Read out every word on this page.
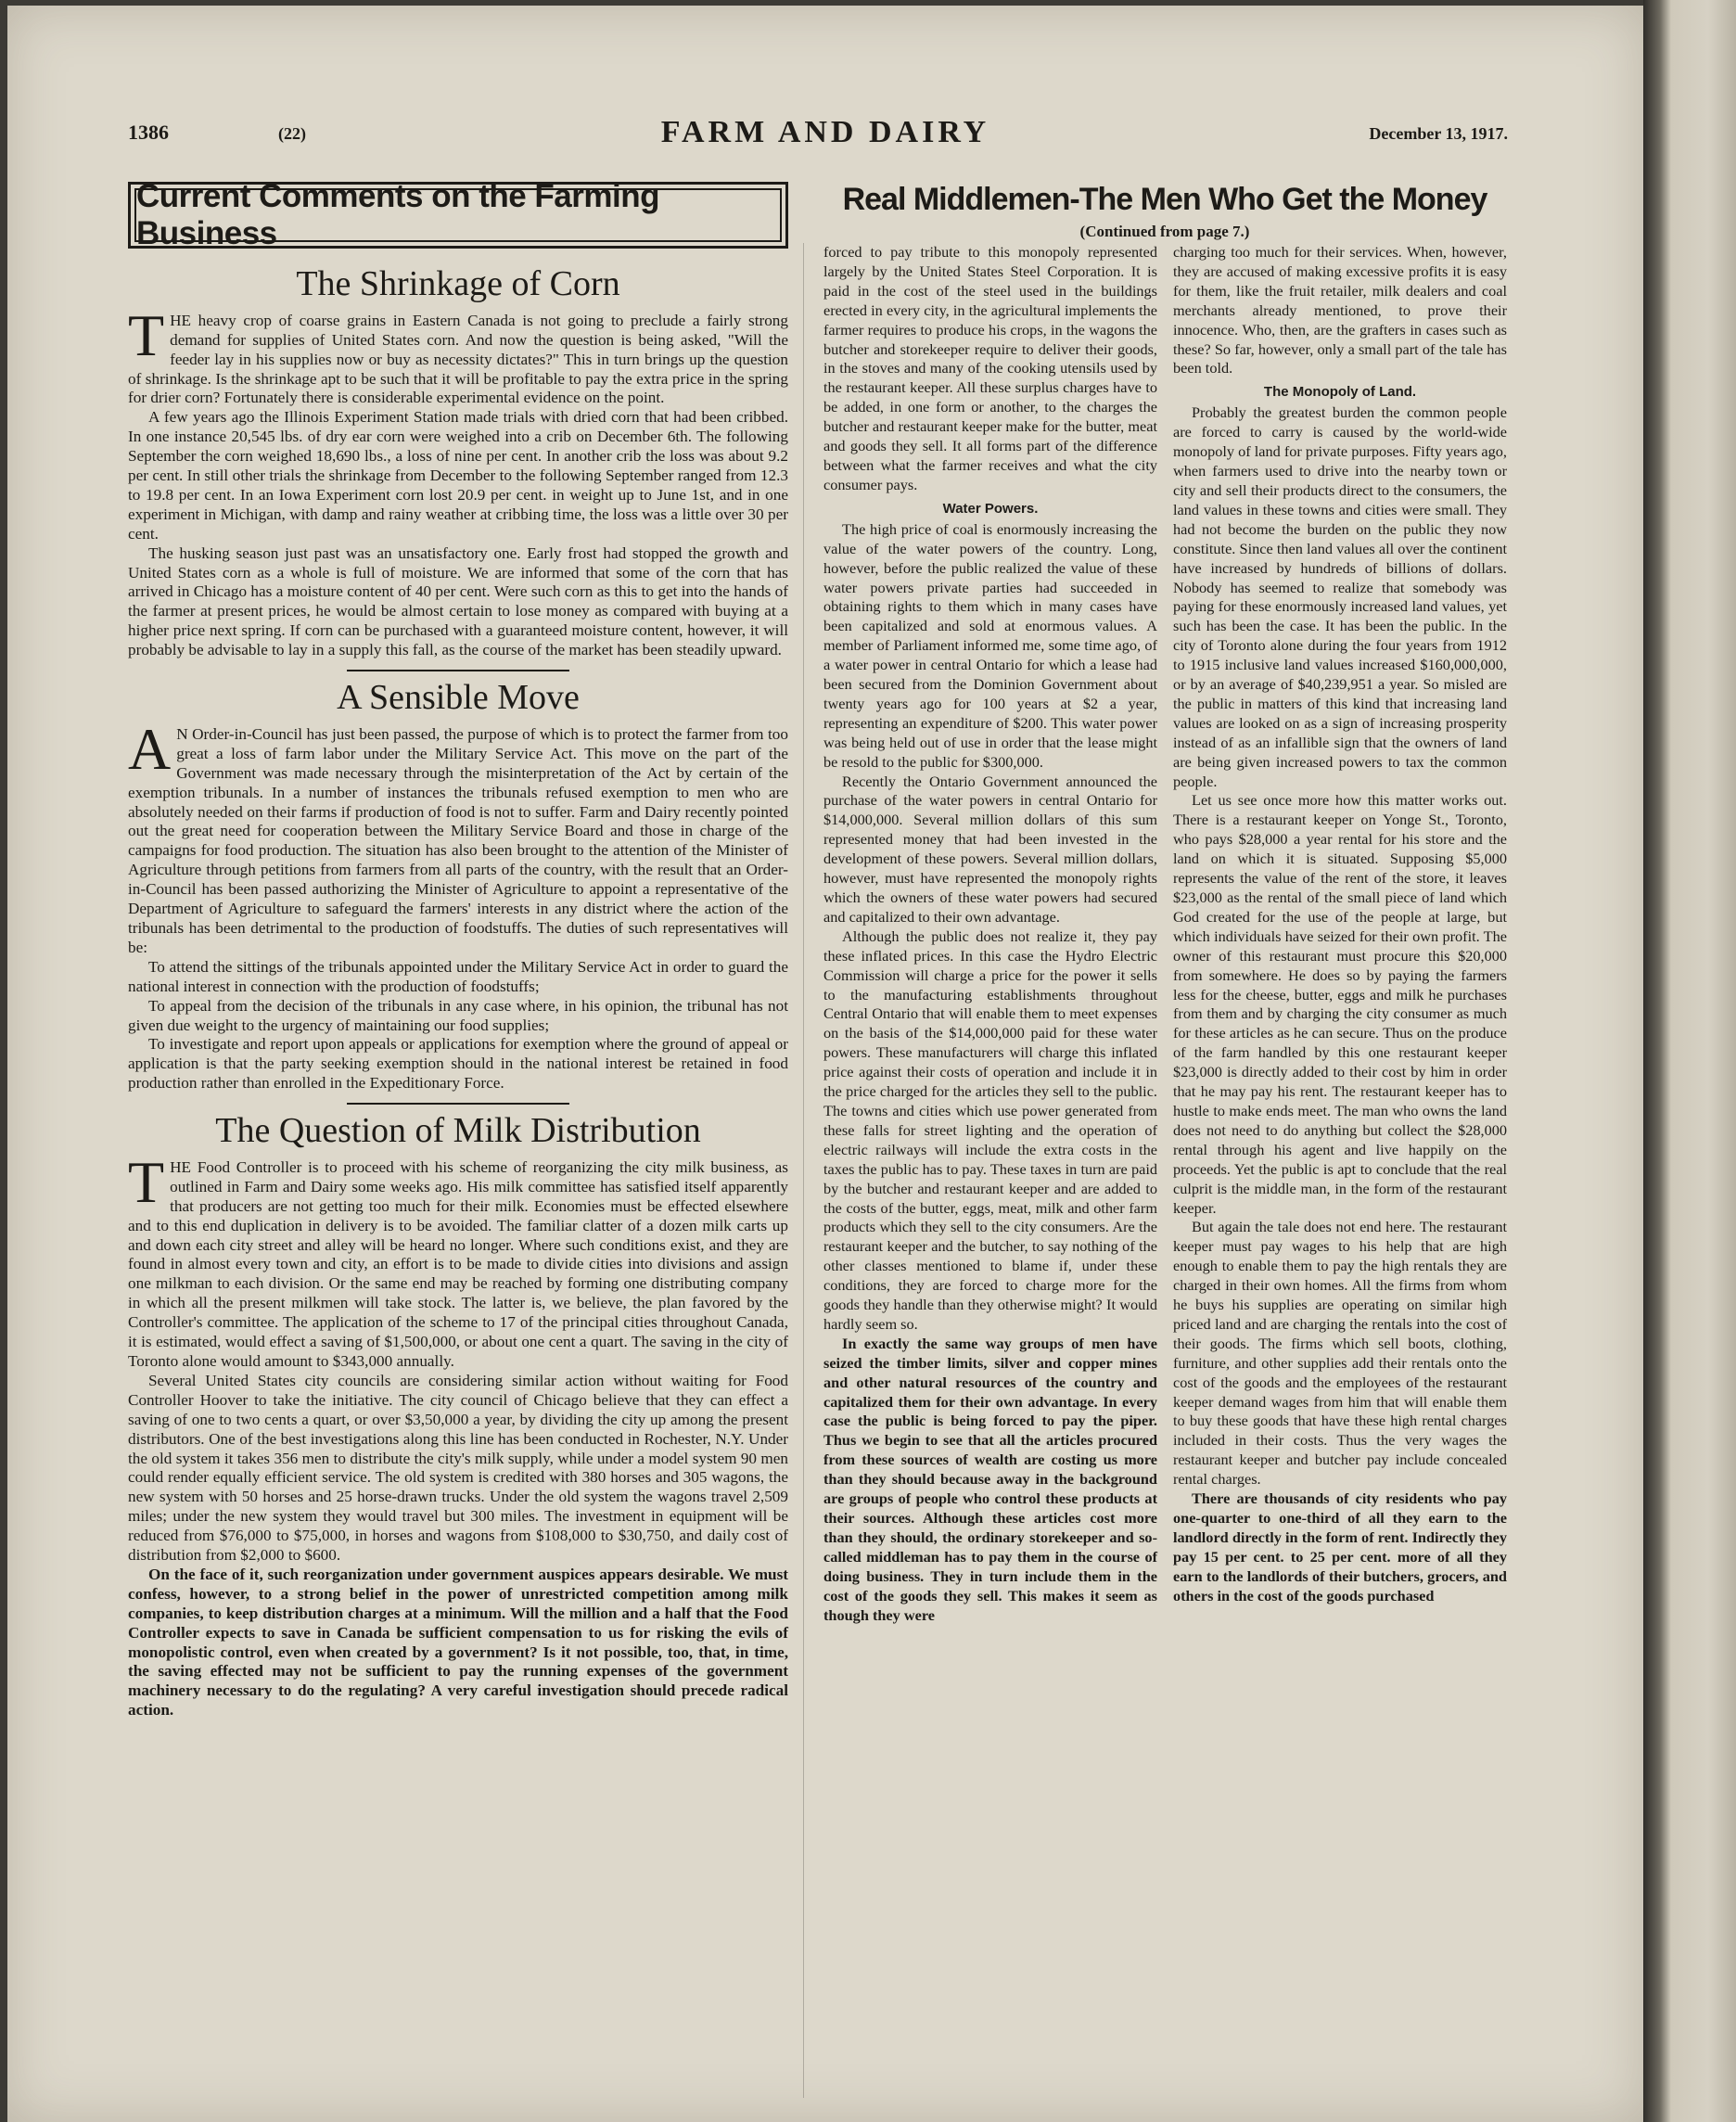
1386	(22)	FARM AND DAIRY	December 13, 1917.
Current Comments on the Farming Business
The Shrinkage of Corn

THE heavy crop of coarse grains in Eastern Canada is not going to preclude a fairly strong demand for supplies of United States corn. And now the question is being asked, "Will the feeder lay in his supplies now or buy as necessity dictates?" This in turn brings up the question of shrinkage. Is the shrinkage apt to be such that it will be profitable to pay the extra price in the spring for drier corn? Fortunately there is considerable experimental evidence on the point.

A few years ago the Illinois Experiment Station made trials with dried corn that had been cribbed. In one instance 20,545 lbs. of dry ear corn were weighed into a crib on December 6th. The following September the corn weighed 18,690 lbs., a loss of nine per cent. In another crib the loss was about 9.2 per cent. In still other trials the shrinkage from December to the following September ranged from 12.3 to 19.8 per cent. In an Iowa Experiment corn lost 20.9 per cent. in weight up to June 1st, and in one experiment in Michigan, with damp and rainy weather at cribbing time, the loss was a little over 30 per cent.

The husking season just past was an unsatisfactory one. Early frost had stopped the growth and United States corn as a whole is full of moisture. We are informed that some of the corn that has arrived in Chicago has a moisture content of 40 per cent. Were such corn as this to get into the hands of the farmer at present prices, he would be almost certain to lose money as compared with buying at a higher price next spring. If corn can be purchased with a guaranteed moisture content, however, it will probably be advisable to lay in a supply this fall, as the course of the market has been steadily upward.

A Sensible Move

A N Order-in-Council has just been passed, the purpose of which is to protect the farmer from too great a loss of farm labor under the Military Service Act. This move on the part of the Government was made necessary through the misinterpretation of the Act by certain of the exemption tribunals. In a number of instances the tribunals refused exemption to men who are absolutely needed on their farms if production of food is not to suffer. Farm and Dairy recently pointed out the great need for cooperation between the Military Service Board and those in charge of the campaigns for food production. The situation has also been brought to the attention of the Minister of Agriculture through petitions from farmers from all parts of the country, with the result that an Order-in-Council has been passed authorizing the Minister of Agriculture to appoint a representative of the Department of Agriculture to safeguard the farmers' interests in any district where the action of the tribunals has been detrimental to the production of foodstuffs. The duties of such representatives will be:

To attend the sittings of the tribunals appointed under the Military Service Act in order to guard the national interest in connection with the production of foodstuffs;

To appeal from the decision of the tribunals in any case where, in his opinion, the tribunal has not given due weight to the urgency of maintaining our food supplies;

To investigate and report upon appeals or applications for exemption where the ground of appeal or application is that the party seeking exemption should in the national interest be retained in food production rather than enrolled in the Expeditionary Force.

The Question of Milk Distribution

THE Food Controller is to proceed with his scheme of reorganizing the city milk business, as outlined in Farm and Dairy some weeks ago. His milk committee has satisfied itself apparently that producers are not getting too much for their milk. Economies must be effected elsewhere and to this end duplication in delivery is to be avoided. The familiar clatter of a dozen milk carts up and down each city street and alley will be heard no longer. Where such conditions exist, and they are found in almost every town and city, an effort is to be made to divide cities into divisions and assign one milkman to each division. Or the same end may be reached by forming one distributing company in which all the present milkmen will take stock. The latter is, we believe, the plan favored by the Controller's committee. The application of the scheme to 17 of the principal cities throughout Canada, it is estimated, would effect a saving of $1,500,000, or about one cent a quart. The saving in the city of Toronto alone would amount to $343,000 annually.

Several United States city councils are considering similar action without waiting for Food Controller Hoover to take the initiative. The city council of Chicago believe that they can effect a saving of one to two cents a quart, or over $3,50,000 a year, by dividing the city up among the present distributors. One of the best investigations along this line has been conducted in Rochester, N.Y. Under the old system it takes 356 men to distribute the city's milk supply, while under a model system 90 men could render equally efficient service. The old system is credited with 380 horses and 305 wagons, the new system with 50 horses and 25 horse-drawn trucks. Under the old system the wagons travel 2,509 miles; under the new system they would travel but 300 miles. The investment in equipment will be reduced from $76,000 to $75,000, in horses and wagons from $108,000 to $30,750, and daily cost of distribution from $2,000 to $600.

On the face of it, such reorganization under government auspices appears desirable. We must confess, however, to a strong belief in the power of unrestricted competition among milk companies, to keep distribution charges at a minimum. Will the million and a half that the Food Controller expects to save in Canada be sufficient compensation to us for risking the evils of monopolistic control, even when created by a government? Is it not possible, too, that, in time, the saving effected may not be sufficient to pay the running expenses of the government machinery necessary to do the regulating? A very careful investigation should precede radical action.

Real Middlemen-The Men Who Get the Money
(Continued from page 7.)

forced to pay tribute to this monopoly represented largely by the United States Steel Corporation. It is paid in the cost of the steel used in the buildings erected in every city, in the agricultural implements the farmer requires to produce his crops, in the wagons the butcher and storekeeper require to deliver their goods, in the stoves and many of the cooking utensils used by the restaurant keeper. All these surplus charges have to be added, in one form or another, to the charges the butcher and restaurant keeper make for the butter, meat and goods they sell. It all forms part of the difference between what the farmer receives and what the city consumer pays.

Water Powers.

The high price of coal is enormously increasing the value of the water powers of the country. Long, however, before the public realized the value of these water powers private parties had succeeded in obtaining rights to them which in many cases have been capitalized and sold at enormous values. A member of Parliament informed me, some time ago, of a water power in central Ontario for which a lease had been secured from the Dominion Government about twenty years ago for 100 years at $2 a year, representing an expenditure of $200. This water power was being held out of use in order that the lease might be resold to the public for $300,000.

Recently the Ontario Government announced the purchase of the water powers in central Ontario for $14,000,000. Several million dollars of this sum represented money that had been invested in the development of these powers. Several million dollars, however, must have represented the monopoly rights which the owners of these water powers had secured and capitalized to their own advantage.

Although the public does not realize it, they pay these inflated prices. In this case the Hydro Electric Commission will charge a price for the power it sells to the manufacturing establishments throughout Central Ontario that will enable them to meet expenses on the basis of the $14,000,000 paid for these water powers. These manufacturers will charge this inflated price against their costs of operation and include it in the price charged for the articles they sell to the public. The towns and cities which use power generated from these falls for street lighting and the operation of electric railways will include the extra costs in the taxes the public has to pay. These taxes in turn are paid by the butcher and restaurant keeper and are added to the costs of the butter, eggs, meat, milk and other farm products which they sell to the city consumers. Are the restaurant keeper and the butcher, to say nothing of the other classes mentioned to blame if, under these conditions, they are forced to charge more for the goods they handle than they otherwise might? It would hardly seem so.

In exactly the same way groups of men have seized the timber limits, silver and copper mines and other natural resources of the country and capitalized them for their own advantage. In every case the public is being forced to pay the piper. Thus we begin to see that all the articles procured from these sources of wealth are costing us more than they should because away in the background are groups of people who control these products at their sources. Although these articles cost more than they should, the ordinary storekeeper and so-called middleman has to pay them in the course of doing business. They in turn include them in the cost of the goods they sell. This makes it seem as though they were

charging too much for their services. When, however, they are accused of making excessive profits it is easy for them, like the fruit retailer, milk dealers and coal merchants already mentioned, to prove their innocence. Who, then, are the grafters in cases such as these? So far, however, only a small part of the tale has been told.

The Monopoly of Land.

Probably the greatest burden the common people are forced to carry is caused by the world-wide monopoly of land for private purposes. Fifty years ago, when farmers used to drive into the nearby town or city and sell their products direct to the consumers, the land values in these towns and cities were small. They had not become the burden on the public they now constitute. Since then land values all over the continent have increased by hundreds of billions of dollars. Nobody has seemed to realize that somebody was paying for these enormously increased land values, yet such has been the case. It has been the public. In the city of Toronto alone during the four years from 1912 to 1915 inclusive land values increased $160,000,000, or by an average of $40,239,951 a year. So misled are the public in matters of this kind that increasing land values are looked on as a sign of increasing prosperity instead of as an infallible sign that the owners of land are being given increased powers to tax the common people.

Let us see once more how this matter works out. There is a restaurant keeper on Yonge St., Toronto, who pays $28,000 a year rental for his store and the land on which it is situated. Supposing $5,000 represents the value of the rent of the store, it leaves $23,000 as the rental of the small piece of land which God created for the use of the people at large, but which individuals have seized for their own profit. The owner of this restaurant must procure this $20,000 from somewhere. He does so by paying the farmers less for the cheese, butter, eggs and milk he purchases from them and by charging the city consumer as much for these articles as he can secure. Thus on the produce of the farm handled by this one restaurant keeper $23,000 is directly added to their cost by him in order that he may pay his rent. The restaurant keeper has to hustle to make ends meet. The man who owns the land does not need to do anything but collect the $28,000 rental through his agent and live happily on the proceeds. Yet the public is apt to conclude that the real culprit is the middle man, in the form of the restaurant keeper.

But again the tale does not end here. The restaurant keeper must pay wages to his help that are high enough to enable them to pay the high rentals they are charged in their own homes. All the firms from whom he buys his supplies are operating on similar high priced land and are charging the rentals into the cost of their goods. The firms which sell boots, clothing, furniture, and other supplies add their rentals onto the cost of the goods and the employees of the restaurant keeper demand wages from him that will enable them to buy these goods that have these high rental charges included in their costs. Thus the very wages the restaurant keeper and butcher pay include concealed rental charges.

There are thousands of city residents who pay one-quarter to one-third of all they earn to the landlord directly in the form of rent. Indirectly they pay 15 per cent. to 25 per cent. more of all they earn to the landlords of their butchers, grocers, and others in the cost of the goods purchased
